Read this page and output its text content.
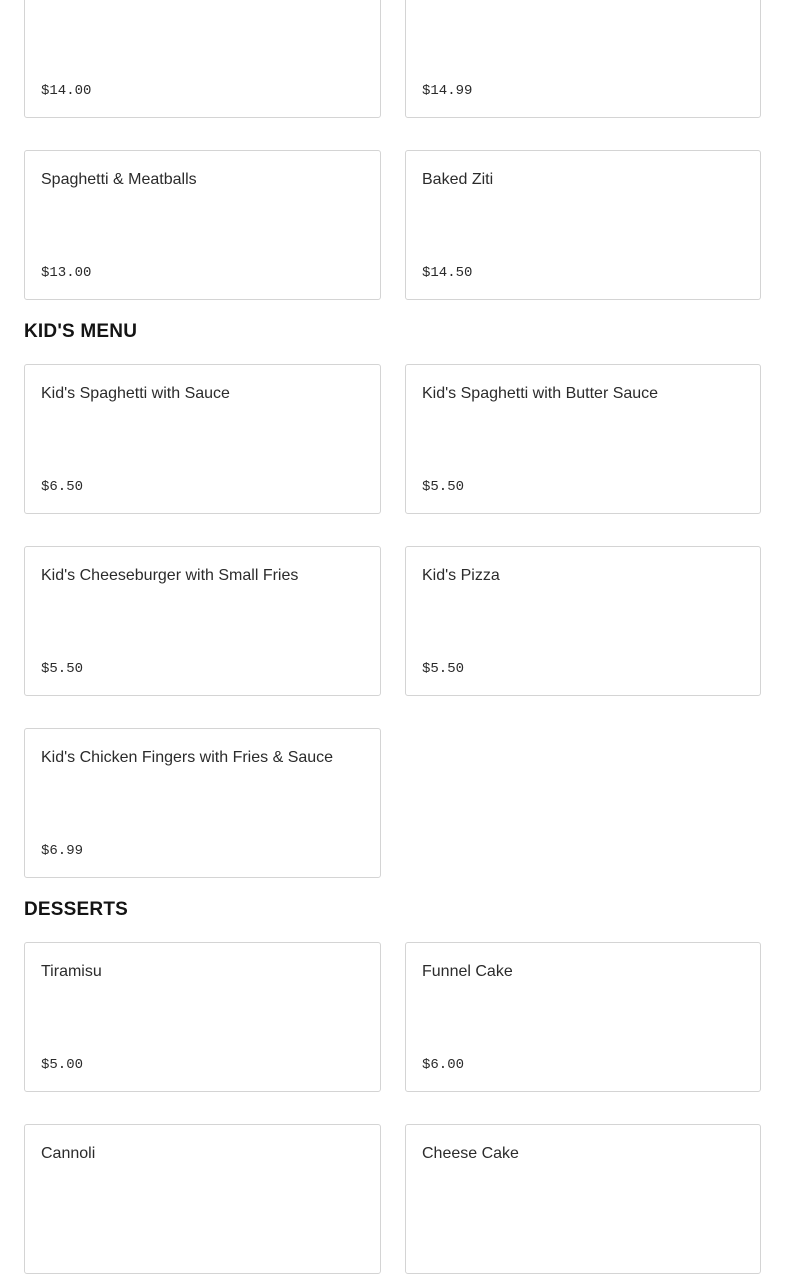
$14.00	$14.99
Spaghetti & Meatballs
$13.00
Baked Ziti
$14.50
KID'S MENU
Kid's Spaghetti with Sauce
$6.50
Kid's Spaghetti with Butter Sauce
$5.50
Kid's Cheeseburger with Small Fries
$5.50
Kid's Pizza
$5.50
Kid's Chicken Fingers with Fries & Sauce
$6.99
DESSERTS
Tiramisu
$5.00
Funnel Cake
$6.00
Cannoli	Cheese Cake
